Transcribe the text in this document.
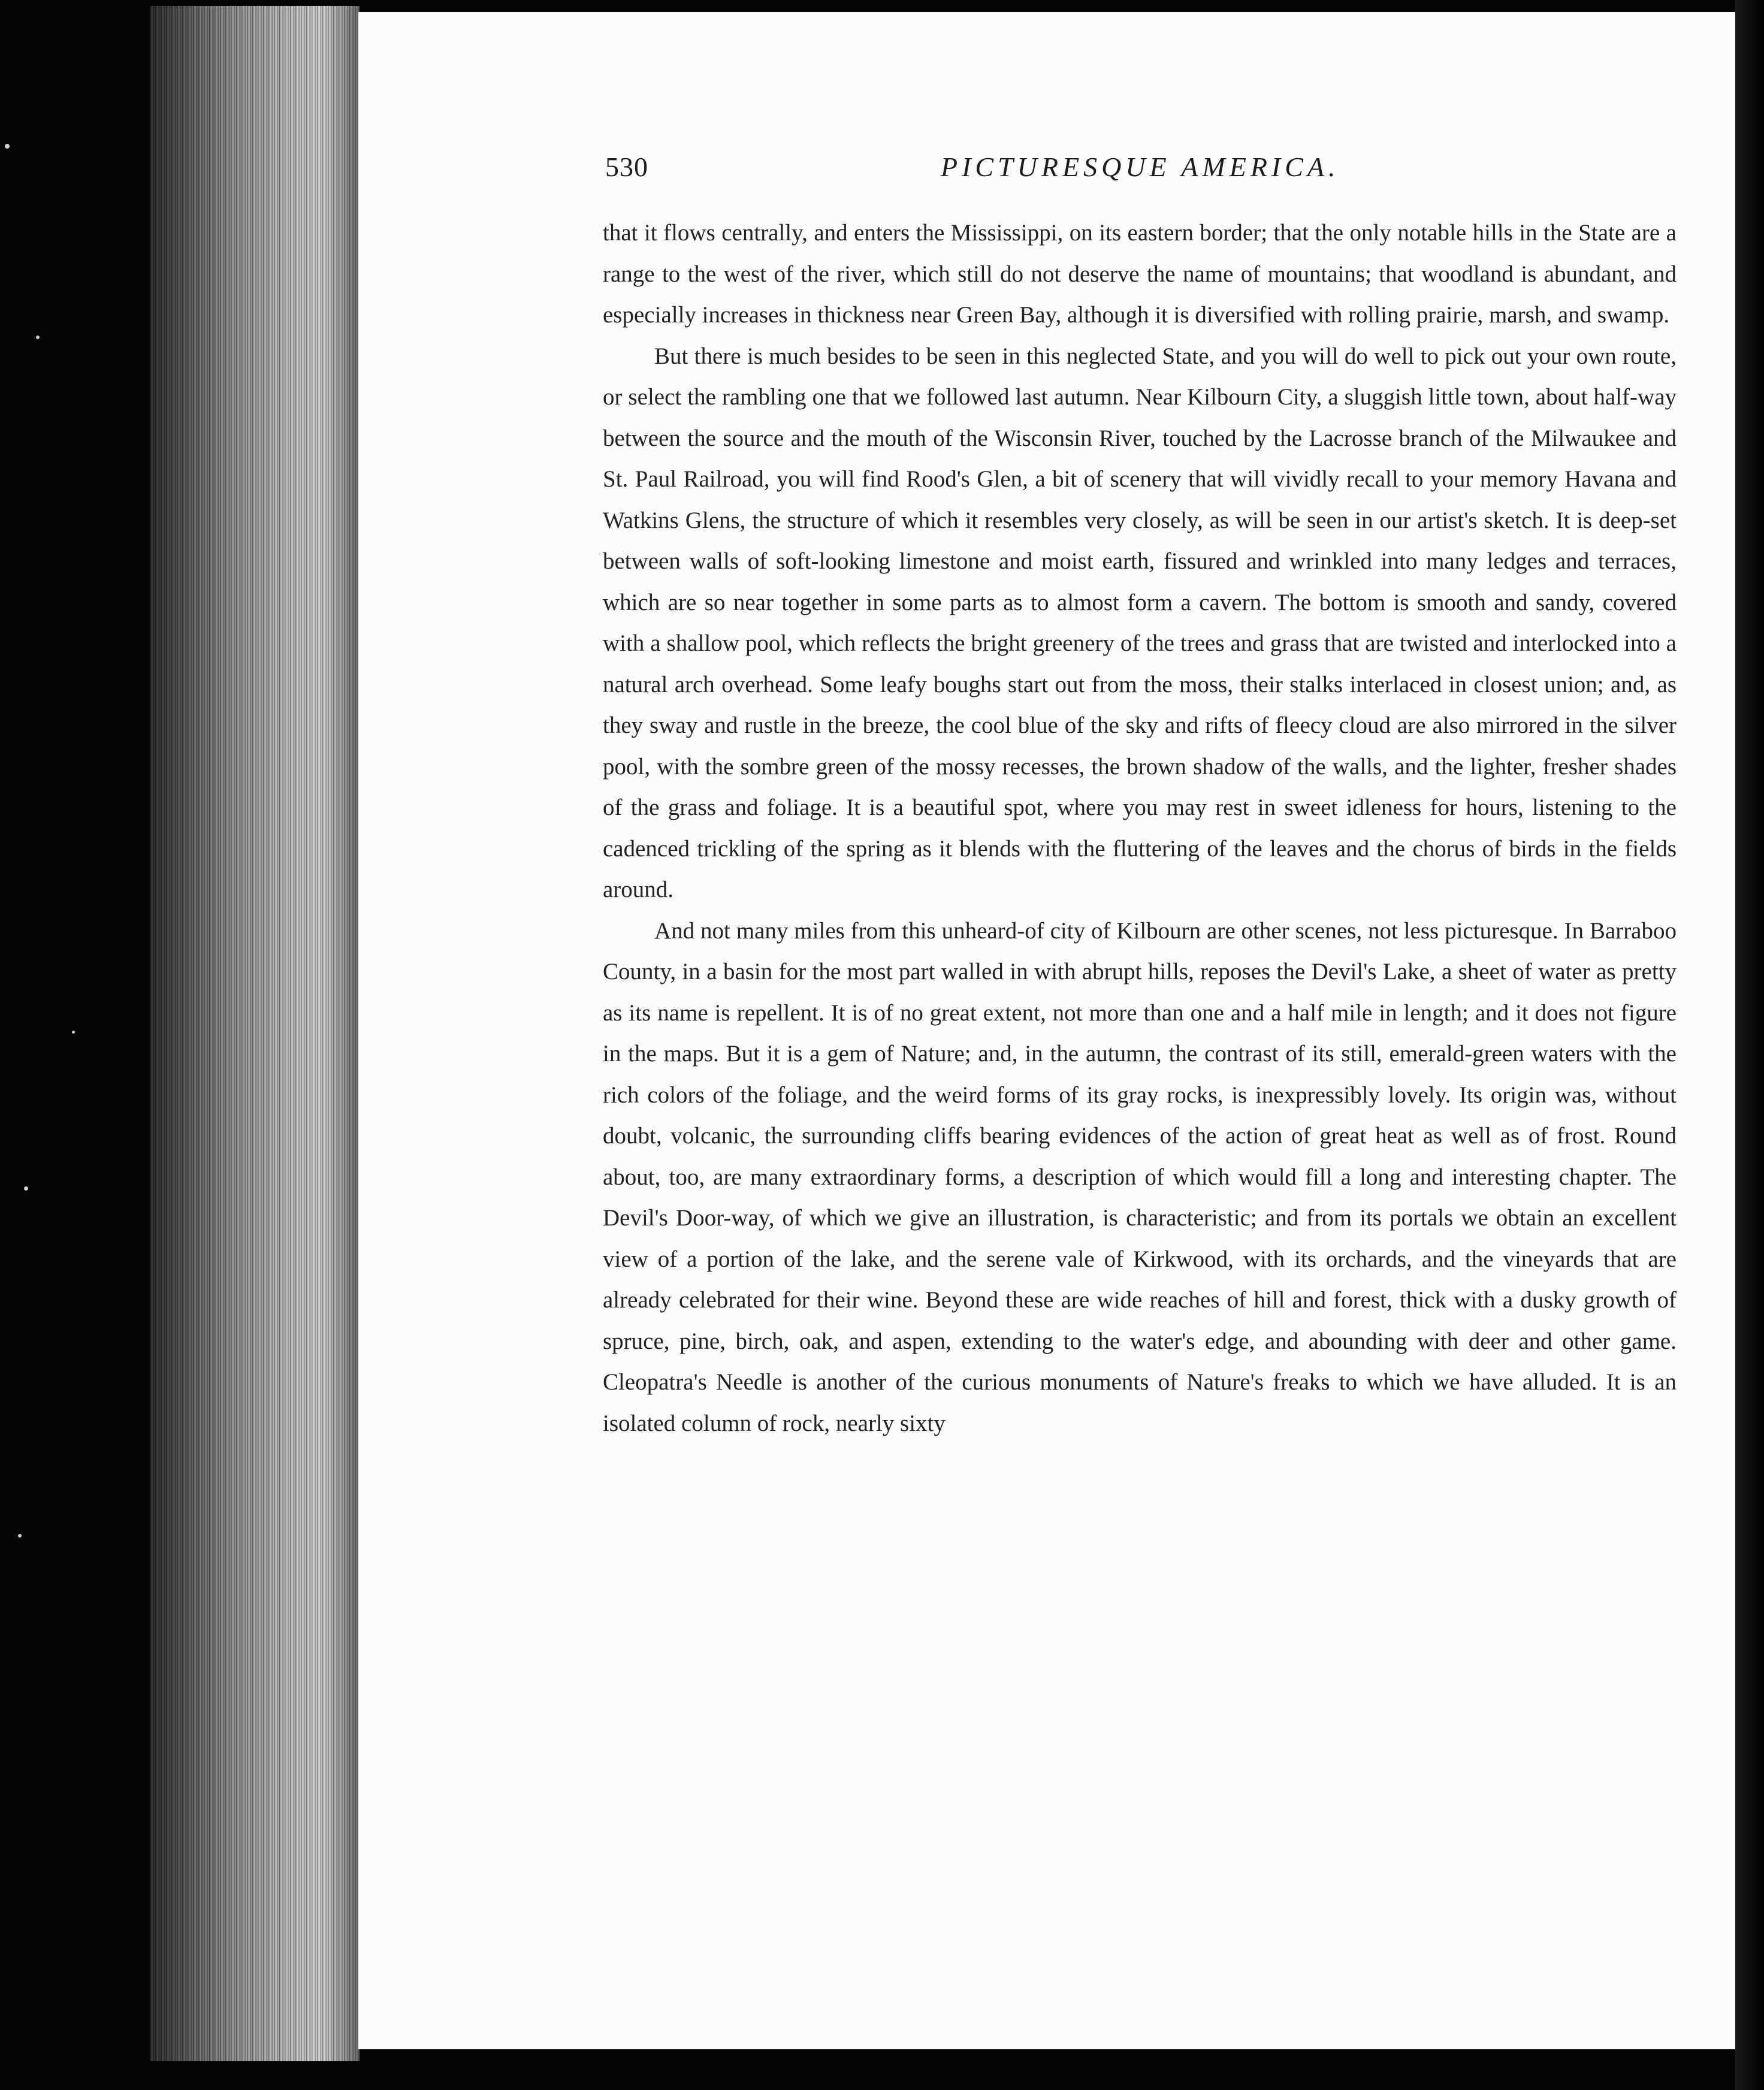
530	PICTURESQUE AMERICA.

that it flows centrally, and enters the Mississippi, on its eastern border; that the only notable hills in the State are a range to the west of the river, which still do not deserve the name of mountains; that woodland is abundant, and especially increases in thickness near Green Bay, although it is diversified with rolling prairie, marsh, and swamp.

But there is much besides to be seen in this neglected State, and you will do well to pick out your own route, or select the rambling one that we followed last autumn. Near Kilbourn City, a sluggish little town, about half-way between the source and the mouth of the Wisconsin River, touched by the Lacrosse branch of the Milwaukee and St. Paul Railroad, you will find Rood's Glen, a bit of scenery that will vividly recall to your memory Havana and Watkins Glens, the structure of which it resembles very closely, as will be seen in our artist's sketch. It is deep-set between walls of soft-looking limestone and moist earth, fissured and wrinkled into many ledges and terraces, which are so near together in some parts as to almost form a cavern. The bottom is smooth and sandy, covered with a shallow pool, which reflects the bright greenery of the trees and grass that are twisted and interlocked into a natural arch overhead. Some leafy boughs start out from the moss, their stalks interlaced in closest union; and, as they sway and rustle in the breeze, the cool blue of the sky and rifts of fleecy cloud are also mirrored in the silver pool, with the sombre green of the mossy recesses, the brown shadow of the walls, and the lighter, fresher shades of the grass and foliage. It is a beautiful spot, where you may rest in sweet idleness for hours, listening to the cadenced trickling of the spring as it blends with the fluttering of the leaves and the chorus of birds in the fields around.

And not many miles from this unheard-of city of Kilbourn are other scenes, not less picturesque. In Barraboo County, in a basin for the most part walled in with abrupt hills, reposes the Devil's Lake, a sheet of water as pretty as its name is repellent. It is of no great extent, not more than one and a half mile in length; and it does not figure in the maps. But it is a gem of Nature; and, in the autumn, the contrast of its still, emerald-green waters with the rich colors of the foliage, and the weird forms of its gray rocks, is inexpressibly lovely. Its origin was, without doubt, volcanic, the surrounding cliffs bearing evidences of the action of great heat as well as of frost. Round about, too, are many extraordinary forms, a description of which would fill a long and interesting chapter. The Devil's Door-way, of which we give an illustration, is characteristic; and from its portals we obtain an excellent view of a portion of the lake, and the serene vale of Kirkwood, with its orchards, and the vineyards that are already celebrated for their wine. Beyond these are wide reaches of hill and forest, thick with a dusky growth of spruce, pine, birch, oak, and aspen, extending to the water's edge, and abounding with deer and other game. Cleopatra's Needle is another of the curious monuments of Nature's freaks to which we have alluded. It is an isolated column of rock, nearly sixty
